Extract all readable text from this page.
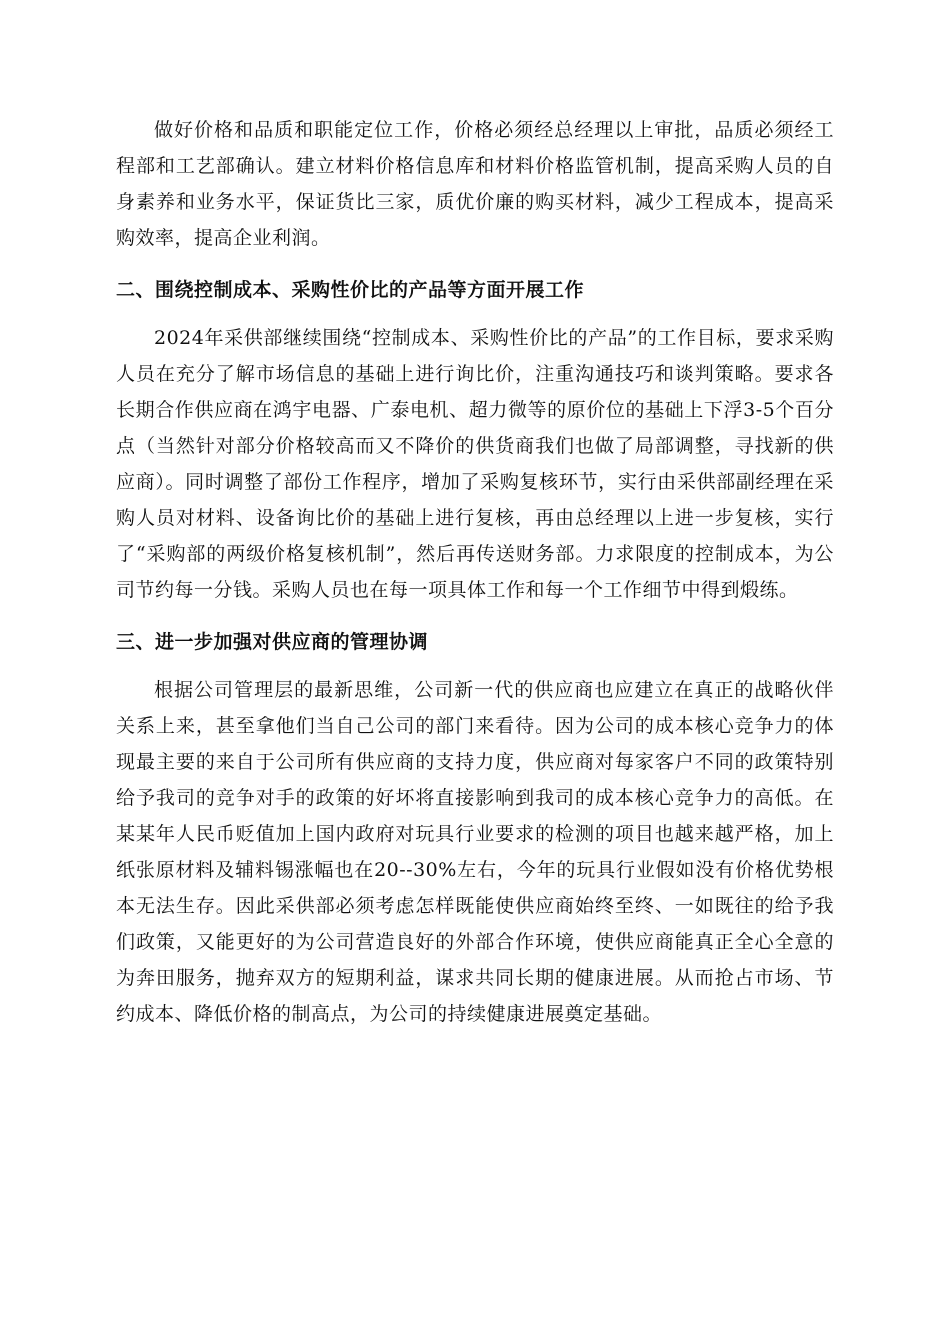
做好价格和品质和职能定位工作，价格必须经总经理以上审批，品质必须经工程部和工艺部确认。建立材料价格信息库和材料价格监管机制，提高采购人员的自身素养和业务水平，保证货比三家，质优价廉的购买材料，减少工程成本，提高采购效率，提高企业利润。

二、围绕控制成本、采购性价比的产品等方面开展工作

2024年采供部继续围绕“控制成本、采购性价比的产品”的工作目标，要求采购人员在充分了解市场信息的基础上进行询比价，注重沟通技巧和谈判策略。要求各长期合作供应商在鸿宇电器、广泰电机、超力微等的原价位的基础上下浮3-5个百分点（当然针对部分价格较高而又不降价的供货商我们也做了局部调整，寻找新的供应商）。同时调整了部份工作程序，增加了采购复核环节，实行由采供部副经理在采购人员对材料、设备询比价的基础上进行复核，再由总经理以上进一步复核，实行了“采购部的两级价格复核机制”，然后再传送财务部。力求限度的控制成本，为公司节约每一分钱。采购人员也在每一项具体工作和每一个工作细节中得到煅练。

三、进一步加强对供应商的管理协调

根据公司管理层的最新思维，公司新一代的供应商也应建立在真正的战略伙伴关系上来，甚至拿他们当自己公司的部门来看待。因为公司的成本核心竞争力的体现最主要的来自于公司所有供应商的支持力度，供应商对每家客户不同的政策特别给予我司的竞争对手的政策的好坏将直接影响到我司的成本核心竞争力的高低。在某某年人民币贬值加上国内政府对玩具行业要求的检测的项目也越来越严格，加上纸张原材料及辅料锡涨幅也在20--30%左右，今年的玩具行业假如没有价格优势根本无法生存。因此采供部必须考虑怎样既能使供应商始终至终、一如既往的给予我们政策，又能更好的为公司营造良好的外部合作环境，使供应商能真正全心全意的为奔田服务，抛弃双方的短期利益，谋求共同长期的健康进展。从而抢占市场、节约成本、降低价格的制高点，为公司的持续健康进展奠定基础。
